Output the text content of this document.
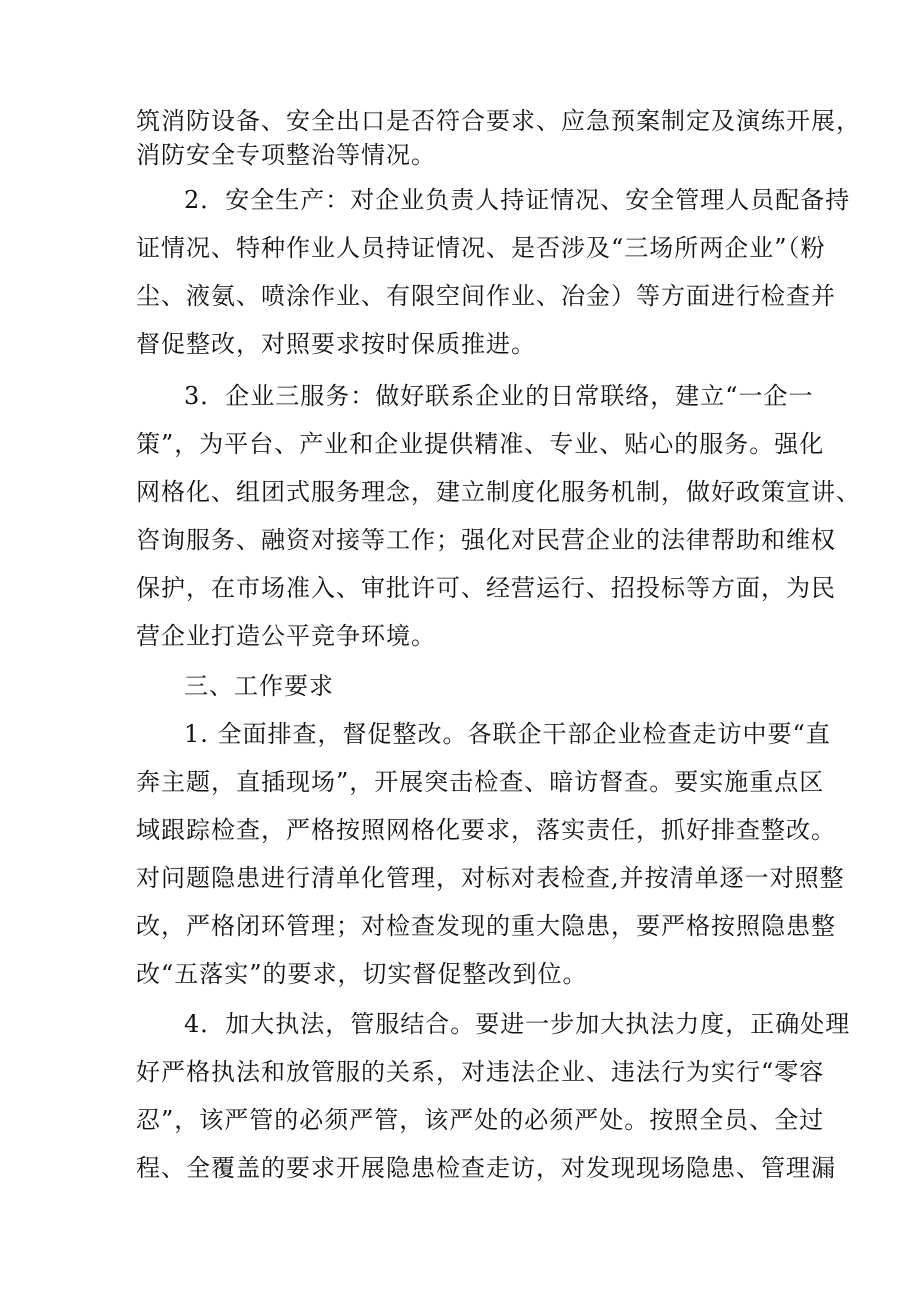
筑消防设备、安全出口是否符合要求、应急预案制定及演练开展，
消防安全专项整治等情况。
2．安全生产：对企业负责人持证情况、安全管理人员配备持
证情况、特种作业人员持证情况、是否涉及“三场所两企业”（粉
尘、液氨、喷涂作业、有限空间作业、冶金）等方面进行检查并
督促整改，对照要求按时保质推进。
3．企业三服务：做好联系企业的日常联络，建立“一企一
策”，为平台、产业和企业提供精准、专业、贴心的服务。强化
网格化、组团式服务理念，建立制度化服务机制，做好政策宣讲、
咨询服务、融资对接等工作；强化对民营企业的法律帮助和维权
保护，在市场准入、审批许可、经营运行、招投标等方面，为民
营企业打造公平竞争环境。
三、工作要求
1. 全面排查，督促整改。各联企干部企业检查走访中要“直
奔主题，直插现场”，开展突击检查、暗访督查。要实施重点区
域跟踪检查，严格按照网格化要求，落实责任，抓好排查整改。
对问题隐患进行清单化管理，对标对表检查,并按清单逐一对照整
改，严格闭环管理；对检查发现的重大隐患，要严格按照隐患整
改“五落实”的要求，切实督促整改到位。
4．加大执法，管服结合。要进一步加大执法力度，正确处理
好严格执法和放管服的关系，对违法企业、违法行为实行“零容
忍”，该严管的必须严管，该严处的必须严处。按照全员、全过
程、全覆盖的要求开展隐患检查走访，对发现现场隐患、管理漏
